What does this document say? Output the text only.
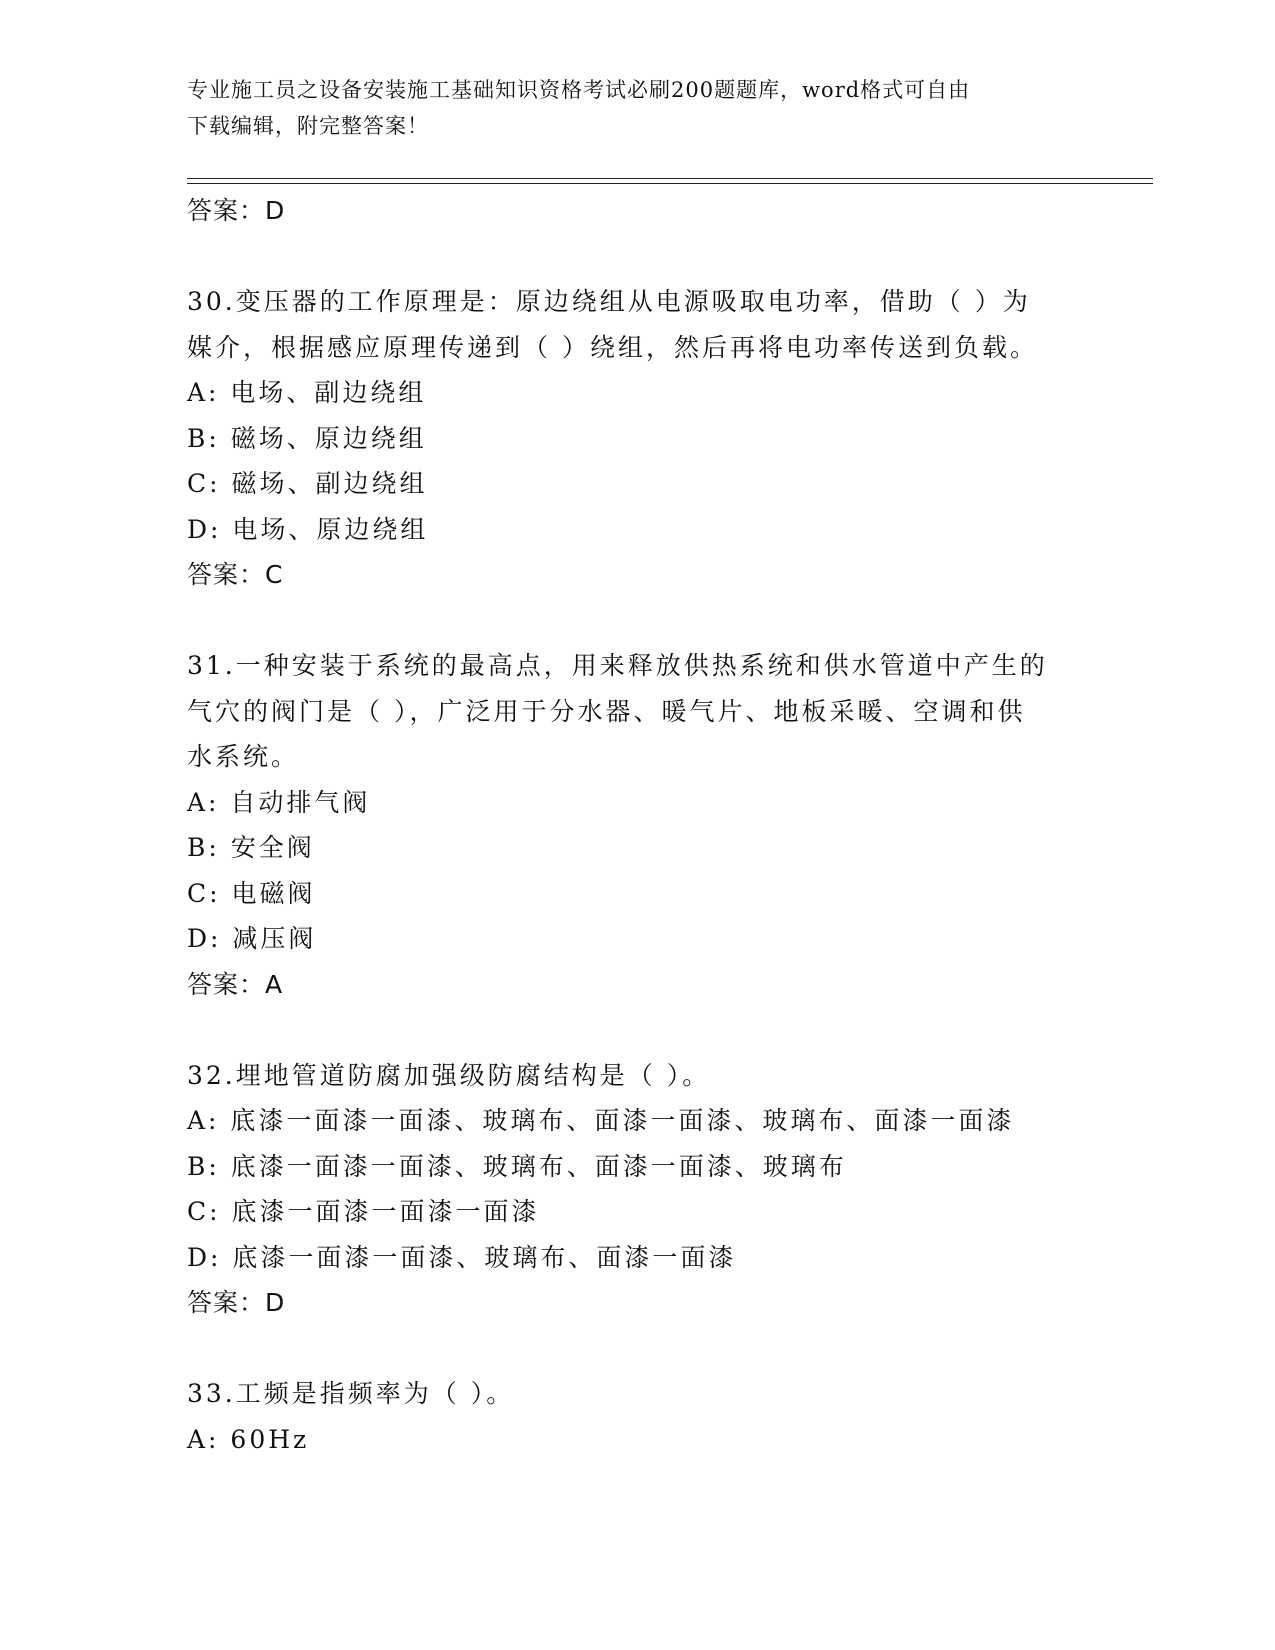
专业施工员之设备安装施工基础知识资格考试必刷200题题库，word格式可自由

下载编辑，附完整答案！

答案：D

30.变压器的工作原理是：原边绕组从电源吸取电功率，借助（ ）为

媒介，根据感应原理传递到（ ）绕组，然后再将电功率传送到负载。

A: 电场、副边绕组

B: 磁场、原边绕组

C: 磁场、副边绕组

D: 电场、原边绕组

答案：C

31.一种安装于系统的最高点，用来释放供热系统和供水管道中产生的

气穴的阀门是（ ），广泛用于分水器、暖气片、地板采暖、空调和供

水系统。

A: 自动排气阀

B: 安全阀

C: 电磁阀

D: 减压阀

答案：A

32.埋地管道防腐加强级防腐结构是（ ）。

A: 底漆一面漆一面漆、玻璃布、面漆一面漆、玻璃布、面漆一面漆

B: 底漆一面漆一面漆、玻璃布、面漆一面漆、玻璃布

C: 底漆一面漆一面漆一面漆

D: 底漆一面漆一面漆、玻璃布、面漆一面漆

答案：D

33.工频是指频率为（ ）。

A: 60Hz
